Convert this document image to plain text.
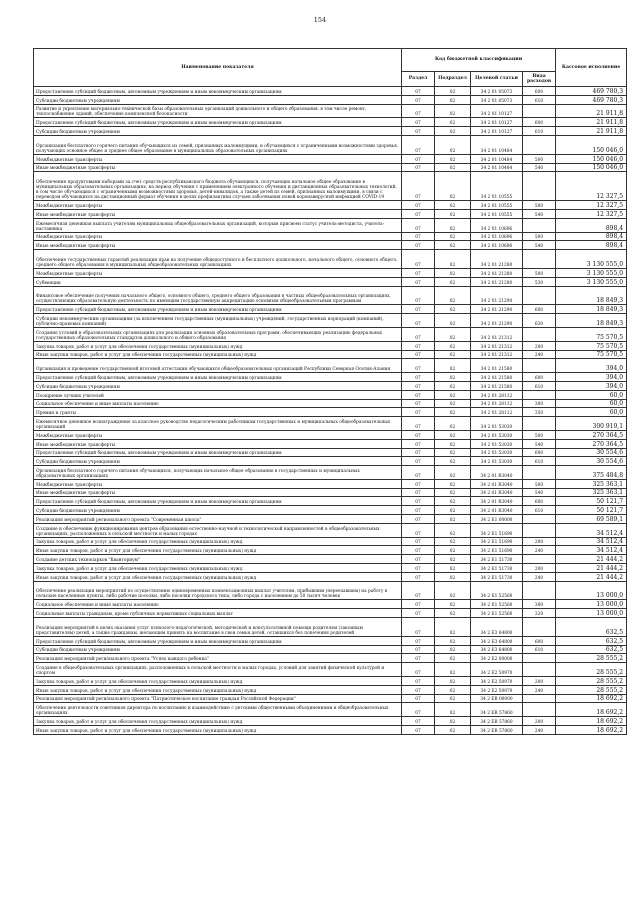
154
Наименование показателя	Код бюджетной классификации				Кассовое исполнение
	Раздел	Подраздел	Целевой статьи	Вида расходов	
Предоставление субсидий бюджетным, автономным учреждениям и иным некоммерческим организациям	07	02	34 2 01 05073	600	469 780,3
Субсидии бюджетным учреждениям	07	02	34 2 01 05073	610	469 780,3
Развитие и укрепление материально-технической базы образовательных организаций дошкольного и общего образования, в том числе ремонт, теплоснабжение зданий, обеспечение комплексной безопасности	07	02	34 2 01 10127		21 911,8
Предоставление субсидий бюджетным, автономным учреждениям и иным некоммерческим организациям	07	02	34 2 01 10127	600	21 911,8
Субсидии бюджетным учреждениям	07	02	34 2 01 10127	610	21 911,8
Организация бесплатного горячего питания обучающихся из семей, признанных малоимущими, и обучающихся с ограниченными возможностями здоровья, получающих основное общее и среднее общее образование в муниципальных образовательных организациях	07	02	34 2 01 10484		150 046,0
Межбюджетные трансферты	07	02	34 2 01 10484	500	150 046,0
Иные межбюджетные трансферты	07	02	34 2 01 10484	540	150 046,0
Обеспечение продуктовыми наборами за счет средств республиканского бюджета обучающихся, получающих начальное общее образование в муниципальных образовательных организациях, на период обучения с применением электронного обучения и дистанционных образовательных технологий, в том числе обучающихся с ограниченными возможностями здоровья, детей-инвалидов, а также детей из семей, признанных малоимущими, в связи с переводом обучающихся на дистанционный формат обучения в целях профилактики случаев заболевания новой коронавирусной инфекцией COVID-19	07	02	34 2 01 10555		12 327,5
Межбюджетные трансферты	07	02	34 2 01 10555	500	12 327,5
Иные межбюджетные трансферты	07	02	34 2 01 10555	540	12 327,5
Ежемесячная денежная выплата учителям муниципальных общеобразовательных организаций, которым присвоен статус учитель-методиста, учитель-наставника	07	02	34 2 01 10696		898,4
Межбюджетные трансферты	07	02	34 2 01 10696	500	898,4
Иные межбюджетные трансферты	07	02	34 2 01 10696	540	898,4
Обеспечение государственных гарантий реализации прав на получение общедоступного и бесплатного дошкольного, начального общего, основного общего, среднего общего образования в муниципальных общеобразовательных организациях	07	02	34 2 01 21280		3 130 555,0
Межбюджетные трансферты	07	02	34 2 01 21280	500	3 130 555,0
Субвенции	07	02	34 2 01 21280	530	3 130 555,0
Финансовое обеспечение получения начального общего, основного общего, среднего общего образования в частных общеобразовательных организациях, осуществляющих образовательную деятельность по имеющим государственную аккредитацию основным общеобразовательным программам	07	02	34 2 01 21290		18 849,3
Предоставление субсидий бюджетным, автономным учреждениям и иным некоммерческим организациям	07	02	34 2 01 21290	600	18 849,3
Субсидии некоммерческим организациям (за исключением государственных (муниципальных) учреждений, государственных корпораций (компаний), публично-правовых компаний)	07	02	34 2 01 21290	630	18 849,3
Создание условий в образовательных организациях для реализации основных образовательных программ, обеспечивающих реализацию федеральных государственных образовательных стандартов дошкольного и общего образования	07	02	34 2 01 21312		75 570,5
Закупка товаров, работ и услуг для обеспечения государственных (муниципальных) нужд	07	02	34 2 01 21312	200	75 570,5
Иные закупки товаров, работ и услуг для обеспечения государственных (муниципальных) нужд	07	02	34 2 01 21312	240	75 570,5
Организация и проведение государственной итоговой аттестации обучающихся общеобразовательных организаций Республики Северная Осетия-Алания	07	02	34 2 01 21580		394,0
Предоставление субсидий бюджетным, автономным учреждениям и иным некоммерческим организациям	07	02	34 2 01 21580	600	394,0
Субсидии бюджетным учреждениям	07	02	34 2 01 21580	610	394,0
Поощрение лучших учителей	07	02	34 2 01 28112		60,0
Социальное обеспечение и иные выплаты населению	07	02	34 2 01 28112	300	60,0
Премии и гранты	07	02	34 2 01 28112	350	60,0
Ежемесячное денежное вознаграждение за классное руководство педагогическим работникам государственных и муниципальных общеобразовательных организаций	07	02	34 2 01 53030		300 919,1
Межбюджетные трансферты	07	02	34 2 01 53030	500	270 364,5
Иные межбюджетные трансферты	07	02	34 2 01 53030	540	270 364,5
Предоставление субсидий бюджетным, автономным учреждениям и иным некоммерческим организациям	07	02	34 2 01 53030	600	30 554,6
Субсидии бюджетным учреждениям	07	02	34 2 01 53030	610	30 554,6
Организация бесплатного горячего питания обучающихся, получающих начальное общее образование в государственных и муниципальных образовательных организациях	07	02	34 2 01 R3040		375 484,8
Межбюджетные трансферты	07	02	34 2 01 R3040	500	325 363,1
Иные межбюджетные трансферты	07	02	34 2 01 R3040	540	325 363,1
Предоставление субсидий бюджетным, автономным учреждениям и иным некоммерческим организациям	07	02	34 2 01 R3040	600	50 121,7
Субсидии бюджетным учреждениям	07	02	34 2 01 R3040	610	50 121,7
Реализация мероприятий регионального проекта "Современная школа"	07	02	34 2 E1 00000		69 589,1
Создание и обеспечение функционирования центров образования естественно-научной и технологической направленностей в общеобразовательных организациях, расположенных в сельской местности и малых городах	07	02	34 2 E1 51690		34 512,4
Закупка товаров, работ и услуг для обеспечения государственных (муниципальных) нужд	07	02	34 2 E1 51690	200	34 512,4
Иные закупки товаров, работ и услуг для обеспечения государственных (муниципальных) нужд	07	02	34 2 E1 51690	240	34 512,4
Создание детских технопарков "Кванториум"	07	02	34 2 E1 51730		21 444,2
Закупка товаров, работ и услуг для обеспечения государственных (муниципальных) нужд	07	02	34 2 E1 51730	200	21 444,2
Иные закупки товаров, работ и услуг для обеспечения государственных (муниципальных) нужд	07	02	34 2 E1 51730	240	21 444,2
Обеспечение реализации мероприятий по осуществлению единовременных компенсационных выплат учителям, прибывшим (переехавшим) на работу в сельские населенные пункты, либо рабочие поселки, либо поселки городского типа, либо города с населением до 50 тысяч человек	07	02	34 2 E1 52560		13 000,0
Социальное обеспечение и иные выплаты населению	07	02	34 2 E1 52560	300	13 000,0
Социальные выплаты гражданам, кроме публичных нормативных социальных выплат	07	02	34 2 E1 52560	320	13 000,0
Реализация мероприятий в целях оказания услуг психолого-педагогической, методической и консультативной помощи родителям (законным представителям) детей, а также гражданам, желающим принять на воспитание в свои семьи детей, оставшихся без попечения родителей	07	02	34 2 E3 64800		632,5
Предоставление субсидий бюджетным, автономным учреждениям и иным некоммерческим организациям	07	02	34 2 E3 64800	600	632,5
Субсидии бюджетным учреждениям	07	02	34 2 E3 64800	610	632,5
Реализация мероприятий регионального проекта "Успех каждого ребенка"	07	02	34 2 E2 00000		28 555,2
Создание в общеобразовательных организациях, расположенных в сельской местности и малых городах, условий для занятий физической культурой и спортом	07	02	34 2 E2 50970		28 555,2
Закупка товаров, работ и услуг для обеспечения государственных (муниципальных) нужд	07	02	34 2 E2 50970	200	28 555,2
Иные закупки товаров, работ и услуг для обеспечения государственных (муниципальных) нужд	07	02	34 2 E2 50970	240	28 555,2
Реализация мероприятий регионального проекта "Патриотическое воспитание граждан Российской Федерации"	07	02	34 2 EB 00000		18 692,2
Обеспечение деятельности советников директора по воспитанию и взаимодействию с детскими общественными объединениями в общеобразовательных организациях	07	02	34 2 EB 57860		18 692,2
Закупка товаров, работ и услуг для обеспечения государственных (муниципальных) нужд	07	02	34 2 EB 57860	200	18 692,2
Иные закупки товаров, работ и услуг для обеспечения государственных (муниципальных) нужд	07	02	34 2 EB 57860	240	18 692,2
